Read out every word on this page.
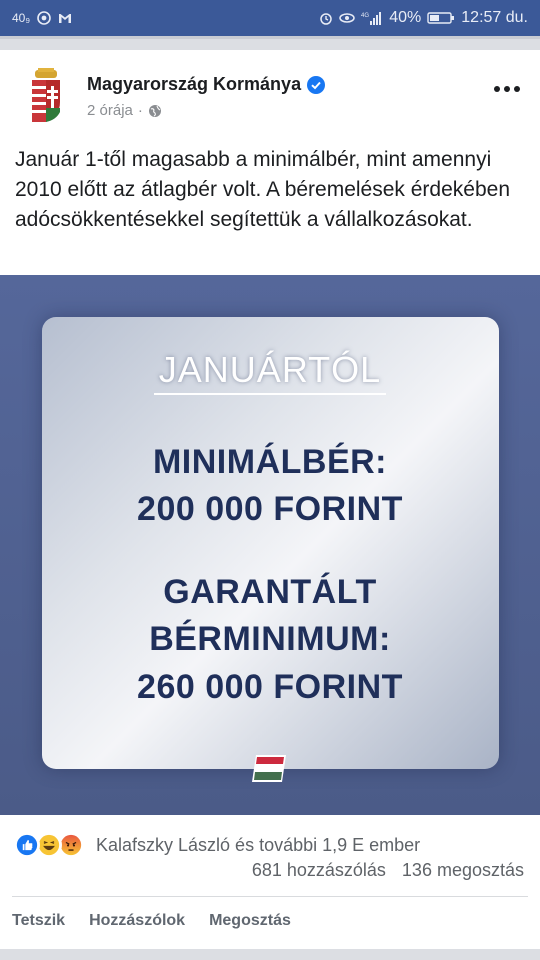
40₉	4G 40%	12:57 du.
Magyarország Kormánya
2 órája ·
Január 1-től magasabb a minimálbér, mint amennyi 2010 előtt az átlagbér volt. A béremelések érdekében adócsökkentésekkel segítettük a vállalkozásokat.
JANUÁRTÓL
MINIMÁLBÉR:
200 000 FORINT
GARANTÁLT
BÉRMINIMUM:
260 000 FORINT
Kalafszky László és további 1,9 E ember
681 hozzászólás 136 megosztás
Tetszik Hozzászólok Megosztás
